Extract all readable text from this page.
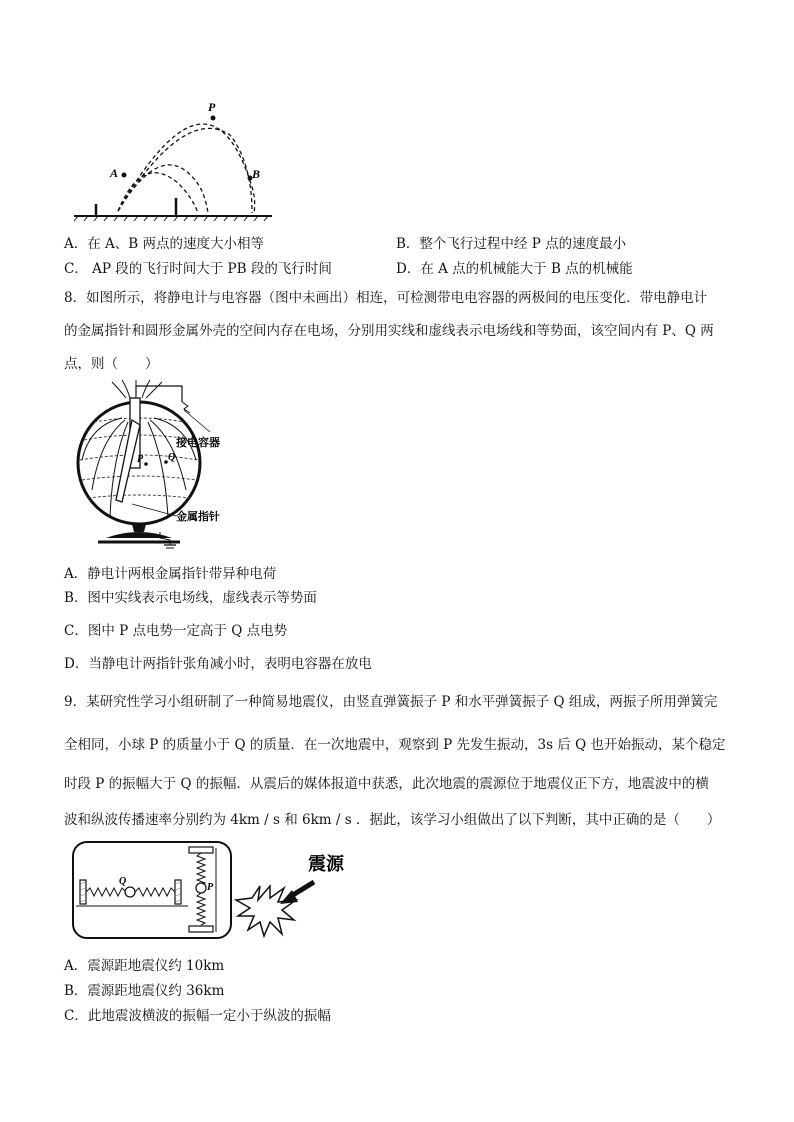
P
A	B
A．在 A、B 两点的速度大小相等	B．整个飞行过程中经 P 点的速度最小
C． AP 段的飞行时间大于 PB 段的飞行时间	D．在 A 点的机械能大于 B 点的机械能
8．如图所示，将静电计与电容器（图中未画出）相连，可检测带电电容器的两极间的电压变化．带电静电计
的金属指针和圆形金属外壳的空间内存在电场，分别用实线和虚线表示电场线和等势面，该空间内有 P、Q 两
点，则（　　）
P Q
接电容器
金属指针
A．静电计两根金属指针带异种电荷
B．图中实线表示电场线，虚线表示等势面
C．图中 P 点电势一定高于 Q 点电势
D．当静电计两指针张角减小时，表明电容器在放电
9．某研究性学习小组研制了一种简易地震仪，由竖直弹簧振子 P 和水平弹簧振子 Q 组成，两振子所用弹簧完
全相同，小球 P 的质量小于 Q 的质量．在一次地震中，观察到 P 先发生振动，3s 后 Q 也开始振动，某个稳定
时段 P 的振幅大于 Q 的振幅．从震后的媒体报道中获悉，此次地震的震源位于地震仪正下方，地震波中的横
波和纵波传播速率分别约为 4km / s 和 6km / s ．据此，该学习小组做出了以下判断，其中正确的是（　　）
Q
P
震源
A．震源距地震仪约 10km
B．震源距地震仪约 36km
C．此地震波横波的振幅一定小于纵波的振幅
